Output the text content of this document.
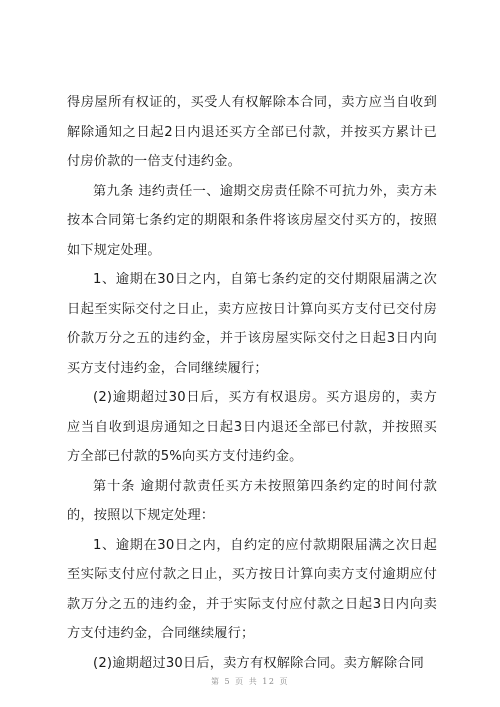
得房屋所有权证的，买受人有权解除本合同，卖方应当自收到解除通知之日起2日内退还买方全部已付款，并按买方累计已付房价款的一倍支付违约金。

第九条 违约责任一、逾期交房责任除不可抗力外，卖方未按本合同第七条约定的期限和条件将该房屋交付买方的，按照如下规定处理。

1、逾期在30日之内，自第七条约定的交付期限届满之次日起至实际交付之日止，卖方应按日计算向买方支付已交付房价款万分之五的违约金，并于该房屋实际交付之日起3日内向买方支付违约金，合同继续履行；

(2)逾期超过30日后，买方有权退房。买方退房的，卖方应当自收到退房通知之日起3日内退还全部已付款，并按照买方全部已付款的5%向买方支付违约金。

第十条 逾期付款责任买方未按照第四条约定的时间付款的，按照以下规定处理：

1、逾期在30日之内，自约定的应付款期限届满之次日起至实际支付应付款之日止，买方按日计算向卖方支付逾期应付款万分之五的违约金，并于实际支付应付款之日起3日内向卖方支付违约金，合同继续履行；

(2)逾期超过30日后，卖方有权解除合同。卖方解除合同

第 5 页 共 12 页
